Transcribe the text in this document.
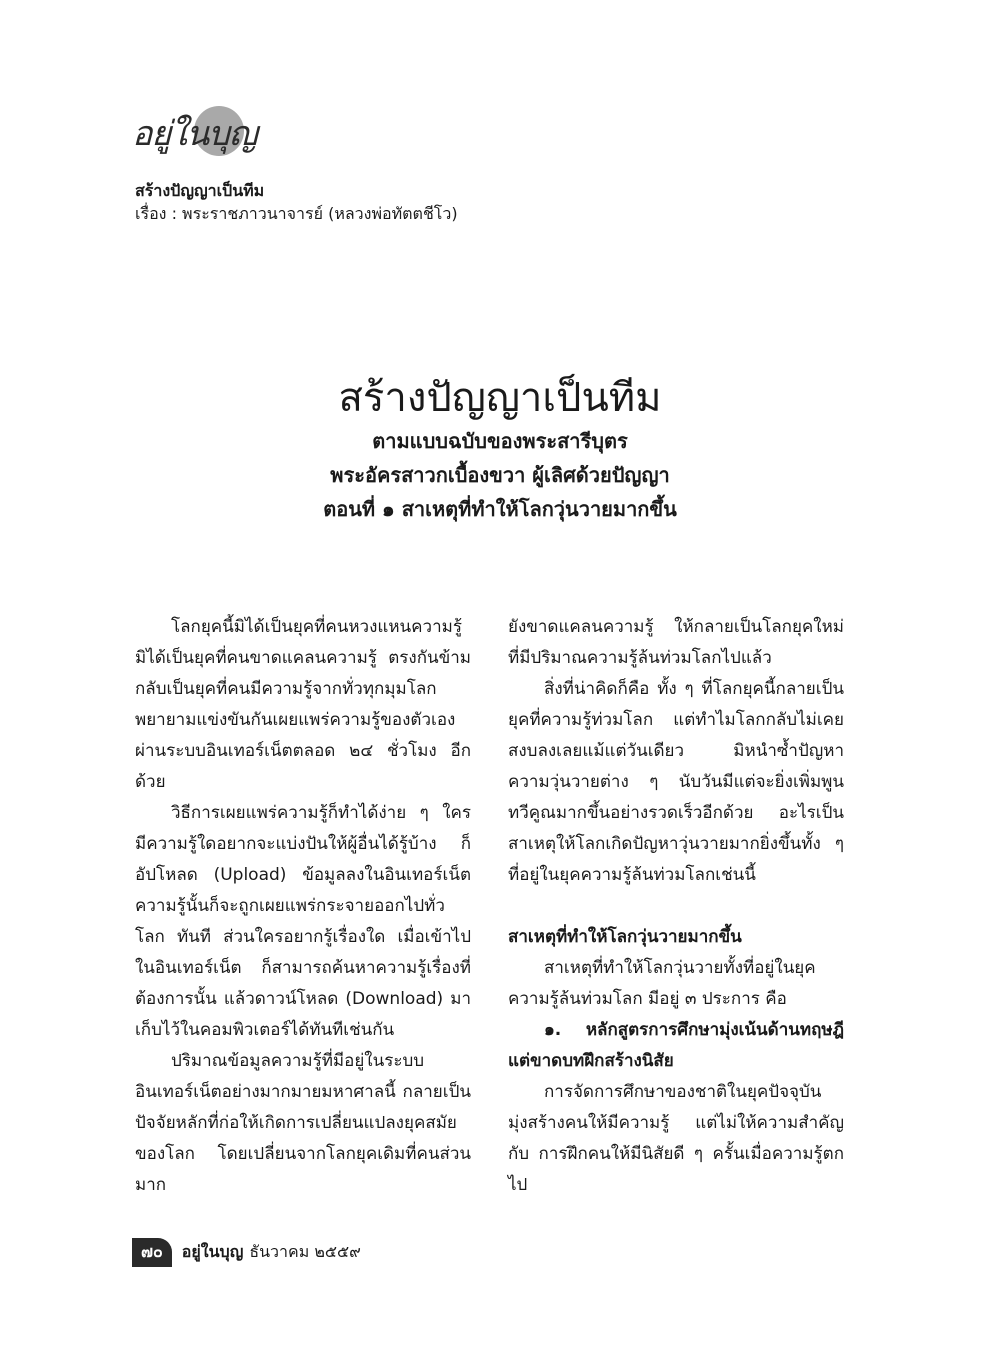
อยู่ในบุญ
สร้างปัญญาเป็นทีม
เรื่อง : พระราชภาวนาจารย์ (หลวงพ่อทัตตชีโว)
สร้างปัญญาเป็นทีม
ตามแบบฉบับของพระสารีบุตร
พระอัครสาวกเบื้องขวา ผู้เลิศด้วยปัญญา
ตอนที่ ๑ สาเหตุที่ทำให้โลกวุ่นวายมากขึ้น

โลกยุคนี้มิได้เป็นยุคที่คนหวงแหนความรู้ มิได้เป็นยุคที่คนขาดแคลนความรู้ ตรงกันข้าม กลับเป็นยุคที่คนมีความรู้จากทั่วทุกมุมโลก พยายามแข่งขันกันเผยแพร่ความรู้ของตัวเอง ผ่านระบบอินเทอร์เน็ตตลอด ๒๔ ชั่วโมง อีกด้วย

วิธีการเผยแพร่ความรู้ก็ทำได้ง่าย ๆ ใคร มีความรู้ใดอยากจะแบ่งปันให้ผู้อื่นได้รู้บ้าง ก็ อัปโหลด (Upload) ข้อมูลลงในอินเทอร์เน็ต ความรู้นั้นก็จะถูกเผยแพร่กระจายออกไปทั่วโลก ทันที ส่วนใครอยากรู้เรื่องใด เมื่อเข้าไป ในอินเทอร์เน็ต ก็สามารถค้นหาความรู้เรื่องที่ ต้องการนั้น แล้วดาวน์โหลด (Download) มาเก็บไว้ในคอมพิวเตอร์ได้ทันทีเช่นกัน

ปริมาณข้อมูลความรู้ที่มีอยู่ในระบบ อินเทอร์เน็ตอย่างมากมายมหาศาลนี้ กลายเป็น ปัจจัยหลักที่ก่อให้เกิดการเปลี่ยนแปลงยุคสมัย ของโลก โดยเปลี่ยนจากโลกยุคเดิมที่คนส่วนมาก

ยังขาดแคลนความรู้ ให้กลายเป็นโลกยุคใหม่ ที่มีปริมาณความรู้ล้นท่วมโลกไปแล้ว

สิ่งที่น่าคิดก็คือ ทั้ง ๆ ที่โลกยุคนี้กลายเป็น ยุคที่ความรู้ท่วมโลก แต่ทำไมโลกกลับไม่เคย สงบลงเลยแม้แต่วันเดียว มิหนำซ้ำปัญหา ความวุ่นวายต่าง ๆ นับวันมีแต่จะยิ่งเพิ่มพูน ทวีคูณมากขึ้นอย่างรวดเร็วอีกด้วย อะไรเป็น สาเหตุให้โลกเกิดปัญหาวุ่นวายมากยิ่งขึ้นทั้ง ๆ ที่อยู่ในยุคความรู้ล้นท่วมโลกเช่นนี้

สาเหตุที่ทำให้โลกวุ่นวายมากขึ้น

สาเหตุที่ทำให้โลกวุ่นวายทั้งที่อยู่ในยุค ความรู้ล้นท่วมโลก มีอยู่ ๓ ประการ คือ

๑. หลักสูตรการศึกษามุ่งเน้นด้านทฤษฎี แต่ขาดบทฝึกสร้างนิสัย

การจัดการศึกษาของชาติในยุคปัจจุบัน มุ่งสร้างคนให้มีความรู้ แต่ไม่ให้ความสำคัญกับ การฝึกคนให้มีนิสัยดี ๆ ครั้นเมื่อความรู้ตกไป

๗๐	อยู่ในบุญ ธันวาคม ๒๕๕๙
